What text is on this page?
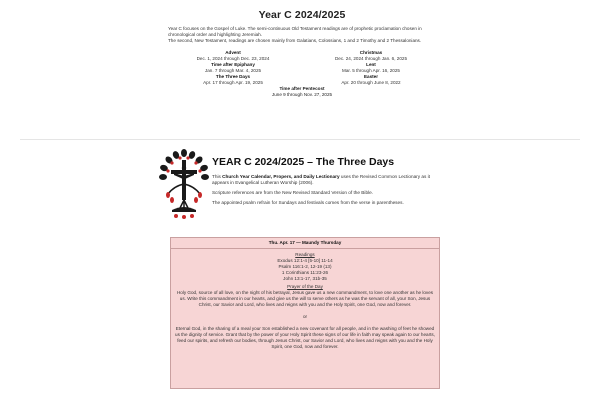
Year C 2024/2025

Year C focuses on the Gospel of Luke. The semi-continuous Old Testament readings are of prophetic proclamation chosen in chronological order and highlighting Jeremiah.

The second, New Testament, readings are chosen mainly from Galatians, Colossians, 1 and 2 Timothy and 2 Thessalonians.

Advent
Dec. 1, 2024 through Dec. 23, 2024
Time after Epiphany
Jan. 7 through Mar. 4, 2025
The Three Days
Apr. 17 through Apr. 19, 2025
Christmas
Dec. 24, 2024 through Jan. 6, 2025
Lent
Mar. 5 through Apr. 16, 2025
Easter
Apr. 20 through June 8, 2022
Time after Pentecost
June 9 through Nov. 27, 2025
YEAR C 2024/2025 – The Three Days

This Church Year Calendar, Propers, and Daily Lectionary uses the Revised Common Lectionary as it appears in Evangelical Lutheran Worship (2006).

Scripture references are from the New Revised Standard Version of the Bible.

The appointed psalm refrain for Sundays and festivals comes from the verse in parentheses.

Thu. Apr. 17 — Maundy Thursday
Readings
Exodus 12:1-4 [5-10] 11-14
Psalm 116:1-2, 12-19 (13)
1 Corinthians 11:23-26
John 13:1-17, 31b-35
Prayer of the Day
Holy God, source of all love, on the night of his betrayal, Jesus gave us a new commandment, to love one another as he loves us. Write this commandment in our hearts, and give us the will to serve others as he was the servant of all, your Son, Jesus Christ, our Savior and Lord, who lives and reigns with you and the Holy Spirit, one God, now and forever.
or
Eternal God, in the sharing of a meal your Son established a new covenant for all people, and in the washing of feet he showed us the dignity of service. Grant that by the power of your Holy Spirit these signs of our life in faith may speak again to our hearts, feed our spirits, and refresh our bodies, through Jesus Christ, our Savior and Lord, who lives and reigns with you and the Holy Spirit, one God, now and forever.
